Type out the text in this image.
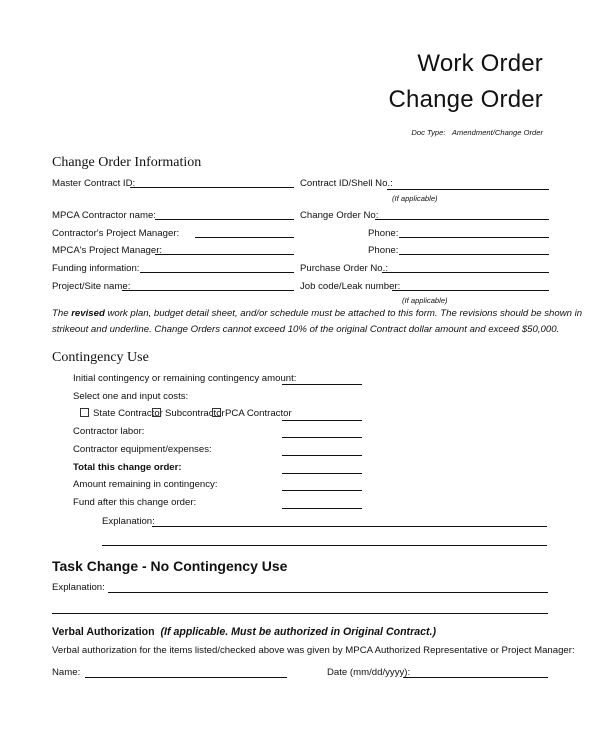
Work Order
Change Order
Doc Type: Amendment/Change Order
Change Order Information
Master Contract ID:	Contract ID/Shell No.:
(If applicable)
MPCA Contractor name:	Change Order No:
Contractor's Project Manager:	Phone:
MPCA's Project Manager:	Phone:
Funding information:	Purchase Order No.:
Project/Site name:	Job code/Leak number:
(If applicable)
The revised work plan, budget detail sheet, and/or schedule must be attached to this form. The revisions should be shown in
strikeout and underline. Change Orders cannot exceed 10% of the original Contract dollar amount and exceed $50,000.
Contingency Use
Initial contingency or remaining contingency amount:
Select one and input costs:
State Contractor Subcontractor PCA Contractor
Contractor labor:
Contractor equipment/expenses:
Total this change order:
Amount remaining in contingency:
Fund after this change order:
Explanation:
Task Change - No Contingency Use
Explanation:
Verbal Authorization (If applicable. Must be authorized in Original Contract.)
Verbal authorization for the items listed/checked above was given by MPCA Authorized Representative or Project Manager:
Name:	Date (mm/dd/yyyy):
